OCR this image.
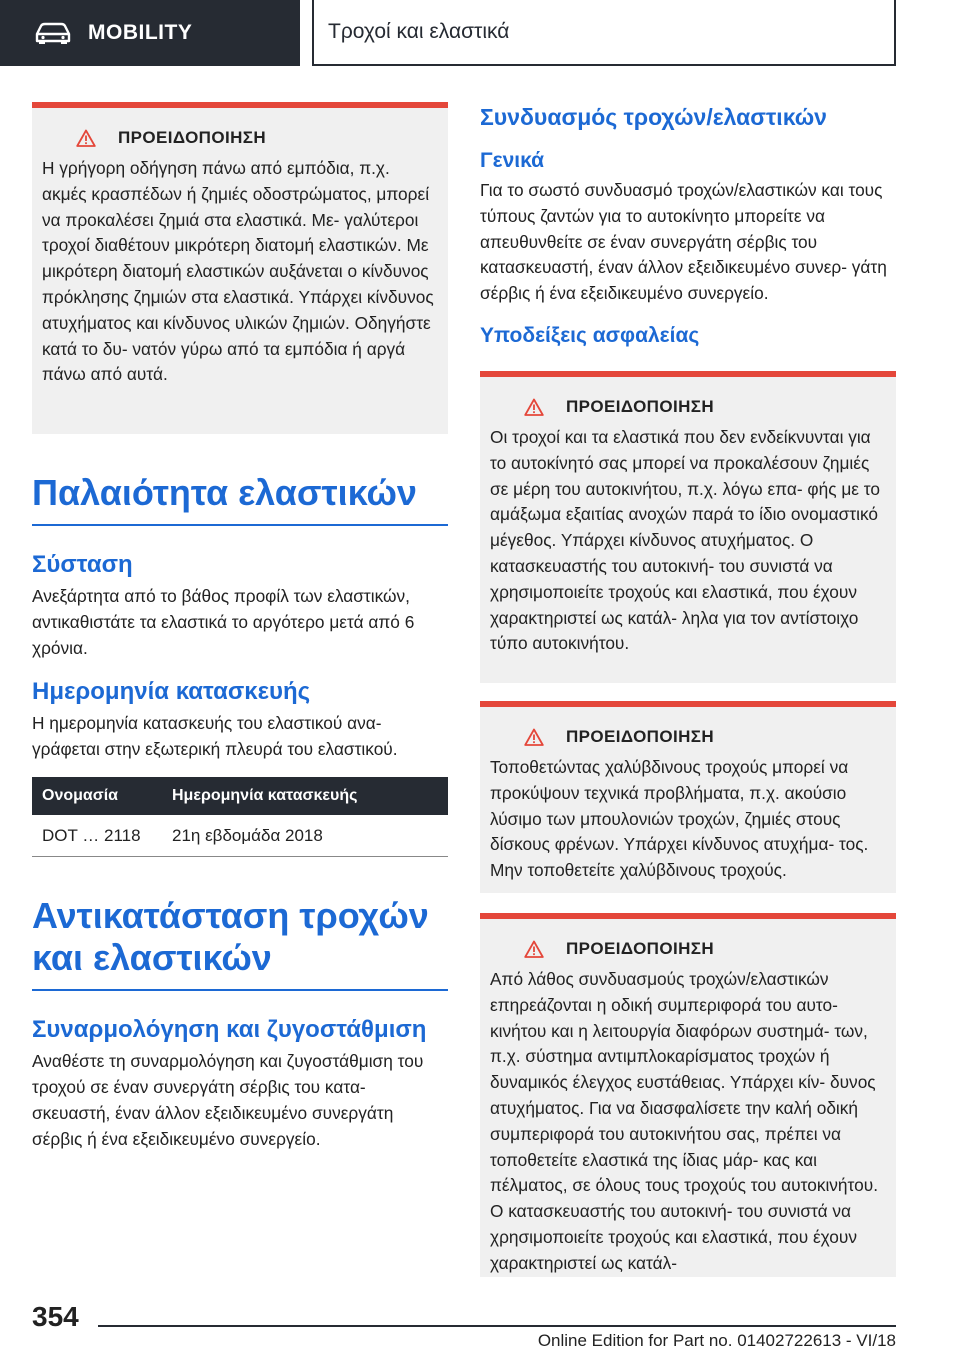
MOBILITY	Τροχοί και ελαστικά
ΠΡΟΕΙΔΟΠΟΙΗΣΗ
Η γρήγορη οδήγηση πάνω από εμπόδια, π.χ. ακμές κρασπέδων ή ζημιές οδοστρώματος, μπορεί να προκαλέσει ζημιά στα ελαστικά. Με- γαλύτεροι τροχοί διαθέτουν μικρότερη διατομή ελαστικών. Με μικρότερη διατομή ελαστικών αυξάνεται ο κίνδυνος πρόκλησης ζημιών στα ελαστικά. Υπάρχει κίνδυνος ατυχήματος και κίνδυνος υλικών ζημιών. Οδηγήστε κατά το δυ- νατόν γύρω από τα εμπόδια ή αργά πάνω από αυτά.
Παλαιότητα ελαστικών
Σύσταση

Ανεξάρτητα από το βάθος προφίλ των ελαστικών, αντικαθιστάτε τα ελαστικά το αργότερο μετά από 6 χρόνια.

Ημερομηνία κατασκευής

Η ημερομηνία κατασκευής του ελαστικού ανα- γράφεται στην εξωτερική πλευρά του ελαστικού.

Ονομασία	Ημερομηνία κατασκευής
DOT … 2118	21η εβδομάδα 2018
Αντικατάσταση τροχών και ελαστικών
Συναρμολόγηση και ζυγοστάθμιση

Αναθέστε τη συναρμολόγηση και ζυγοστάθμιση του τροχού σε έναν συνεργάτη σέρβις του κατα- σκευαστή, έναν άλλον εξειδικευμένο συνεργάτη σέρβις ή ένα εξειδικευμένο συνεργείο.

Συνδυασμός τροχών/ελαστικών
Γενικά

Για το σωστό συνδυασμό τροχών/ελαστικών και τους τύπους ζαντών για το αυτοκίνητο μπορείτε να απευθυνθείτε σε έναν συνεργάτη σέρβις του κατασκευαστή, έναν άλλον εξειδικευμένο συνερ- γάτη σέρβις ή ένα εξειδικευμένο συνεργείο.

Υποδείξεις ασφαλείας
ΠΡΟΕΙΔΟΠΟΙΗΣΗ
Οι τροχοί και τα ελαστικά που δεν ενδείκνυνται για το αυτοκίνητό σας μπορεί να προκαλέσουν ζημιές σε μέρη του αυτοκινήτου, π.χ. λόγω επα- φής με το αμάξωμα εξαιτίας ανοχών παρά το ίδιο ονομαστικό μέγεθος. Υπάρχει κίνδυνος ατυχήματος. Ο κατασκευαστής του αυτοκινή- του συνιστά να χρησιμοποιείτε τροχούς και ελαστικά, που έχουν χαρακτηριστεί ως κατάλ- ληλα για τον αντίστοιχο τύπο αυτοκινήτου.
ΠΡΟΕΙΔΟΠΟΙΗΣΗ
Τοποθετώντας χαλύβδινους τροχούς μπορεί να προκύψουν τεχνικά προβλήματα, π.χ. ακούσιο λύσιμο των μπουλονιών τροχών, ζημιές στους δίσκους φρένων. Υπάρχει κίνδυνος ατυχήμα- τος. Μην τοποθετείτε χαλύβδινους τροχούς.
ΠΡΟΕΙΔΟΠΟΙΗΣΗ
Από λάθος συνδυασμούς τροχών/ελαστικών επηρεάζονται η οδική συμπεριφορά του αυτο- κινήτου και η λειτουργία διαφόρων συστημά- των, π.χ. σύστημα αντιμπλοκαρίσματος τροχών ή δυναμικός έλεγχος ευστάθειας. Υπάρχει κίν- δυνος ατυχήματος. Για να διασφαλίσετε την καλή οδική συμπεριφορά του αυτοκινήτου σας, πρέπει να τοποθετείτε ελαστικά της ίδιας μάρ- κας και πέλματος, σε όλους τους τροχούς του αυτοκινήτου. Ο κατασκευαστής του αυτοκινή- του συνιστά να χρησιμοποιείτε τροχούς και ελαστικά, που έχουν χαρακτηριστεί ως κατάλ-
354
Online Edition for Part no. 01402722613 - VI/18
